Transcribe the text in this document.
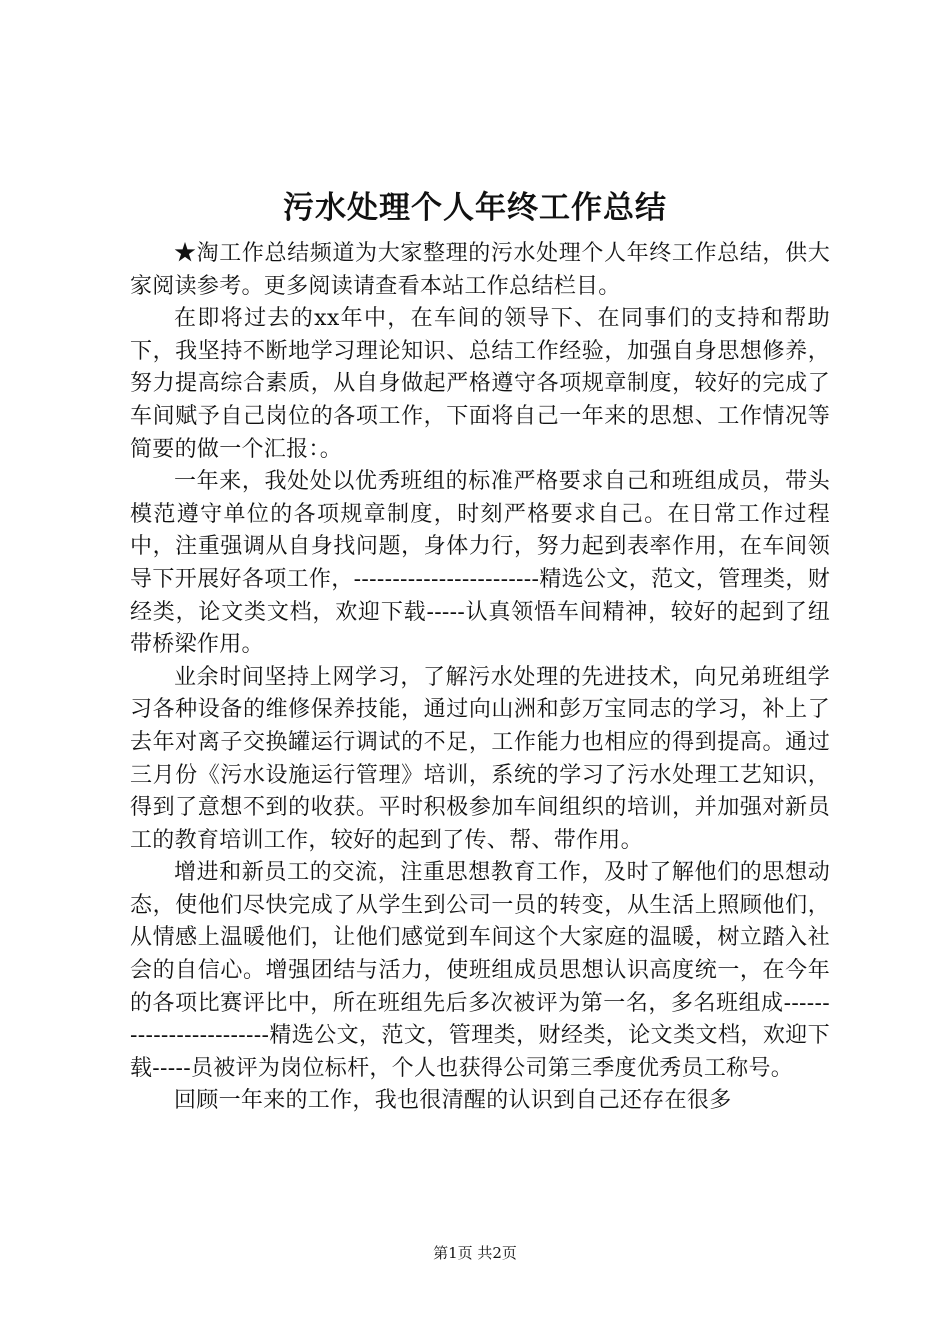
污水处理个人年终工作总结

★淘工作总结频道为大家整理的污水处理个人年终工作总结，供大家阅读参考。更多阅读请查看本站工作总结栏目。

在即将过去的xx年中，在车间的领导下、在同事们的支持和帮助下，我坚持不断地学习理论知识、总结工作经验，加强自身思想修养，努力提高综合素质，从自身做起严格遵守各项规章制度，较好的完成了车间赋予自己岗位的各项工作，下面将自己一年来的思想、工作情况等简要的做一个汇报：。

一年来，我处处以优秀班组的标准严格要求自己和班组成员，带头模范遵守单位的各项规章制度，时刻严格要求自己。在日常工作过程中，注重强调从自身找问题，身体力行，努力起到表率作用，在车间领导下开展好各项工作，------------------------精选公文，范文，管理类，财经类，论文类文档，欢迎下载-----认真领悟车间精神，较好的起到了纽带桥梁作用。

业余时间坚持上网学习，了解污水处理的先进技术，向兄弟班组学习各种设备的维修保养技能，通过向山洲和彭万宝同志的学习，补上了去年对离子交换罐运行调试的不足，工作能力也相应的得到提高。通过三月份《污水设施运行管理》培训，系统的学习了污水处理工艺知识，得到了意想不到的收获。平时积极参加车间组织的培训，并加强对新员工的教育培训工作，较好的起到了传、帮、带作用。

增进和新员工的交流，注重思想教育工作，及时了解他们的思想动态，使他们尽快完成了从学生到公司一员的转变，从生活上照顾他们，从情感上温暖他们，让他们感觉到车间这个大家庭的温暖，树立踏入社会的自信心。增强团结与活力，使班组成员思想认识高度统一，在今年的各项比赛评比中，所在班组先后多次被评为第一名，多名班组成------------------------精选公文，范文，管理类，财经类，论文类文档，欢迎下载-----员被评为岗位标杆，个人也获得公司第三季度优秀员工称号。

回顾一年来的工作，我也很清醒的认识到自己还存在很多

第1页 共2页
